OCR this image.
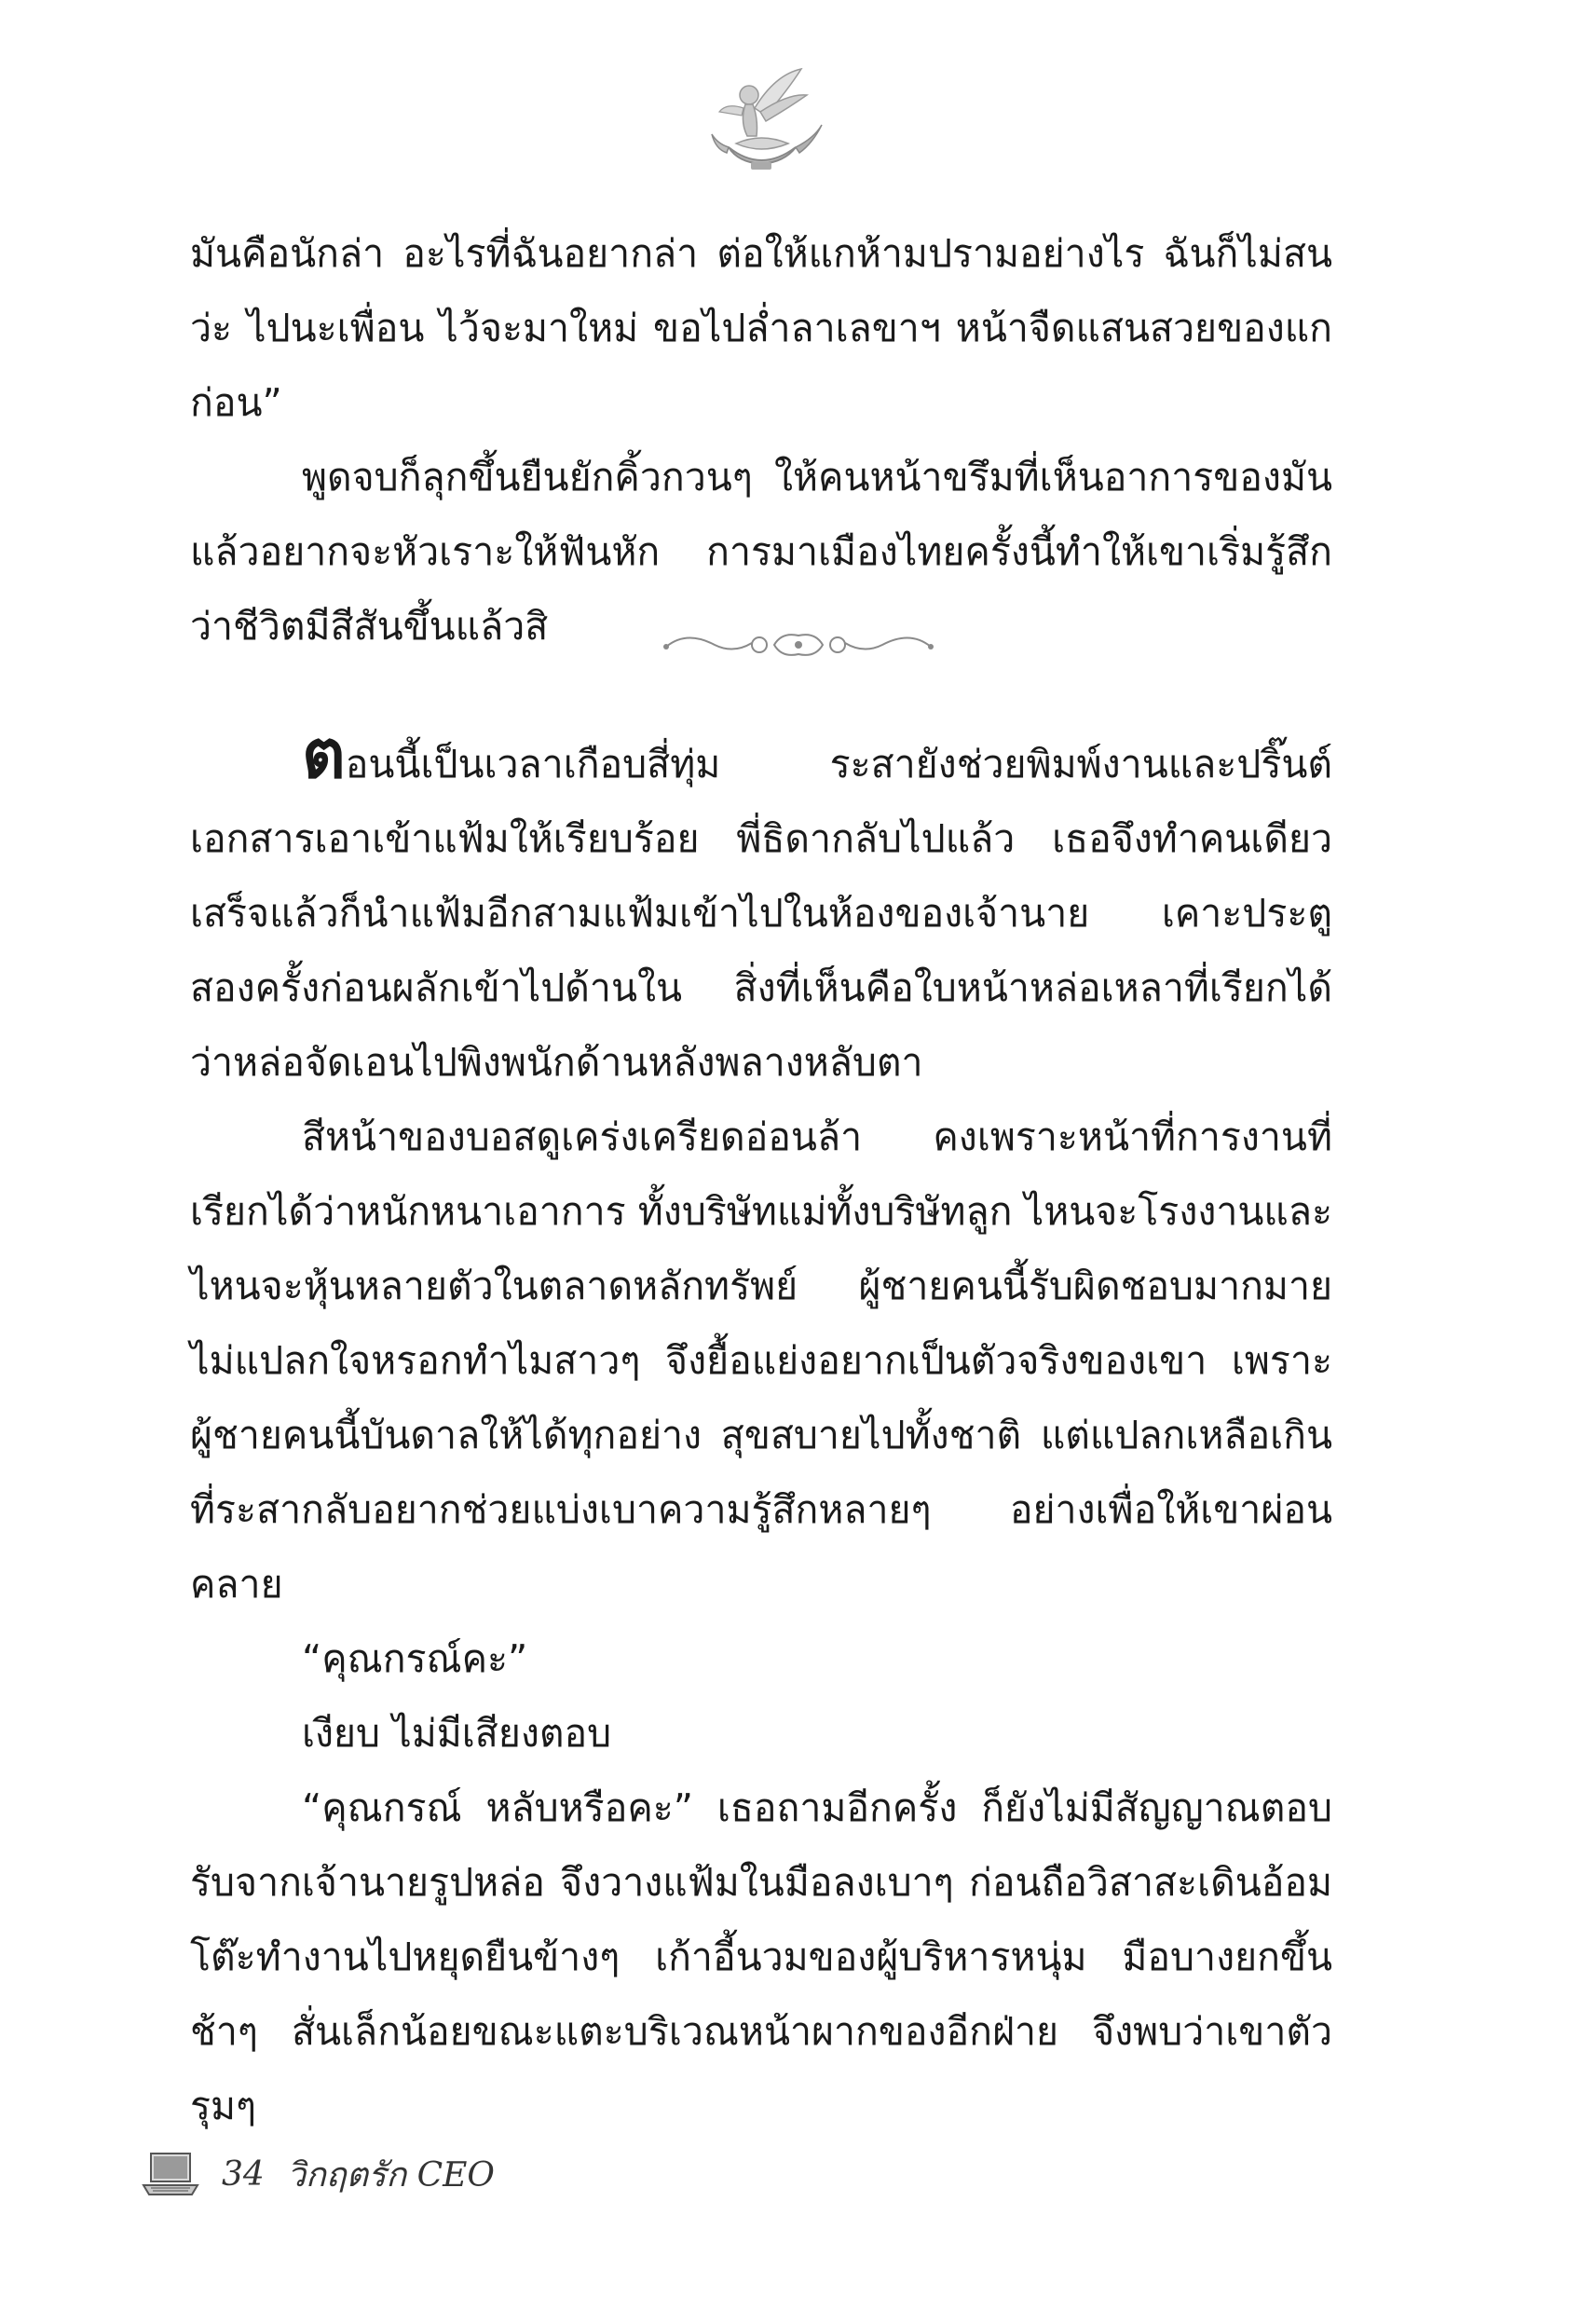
มันคือนักล่า อะไรที่ฉันอยากล่า ต่อให้แกห้ามปรามอย่างไร ฉันก็ไม่สนว่ะ ไปนะเพื่อน ไว้จะมาใหม่ ขอไปล่ำลาเลขาฯ หน้าจืดแสนสวยของแกก่อน”

พูดจบก็ลุกขึ้นยืนยักคิ้วกวนๆ ให้คนหน้าขรึมที่เห็นอาการของมันแล้วอยากจะหัวเราะให้ฟันหัก การมาเมืองไทยครั้งนี้ทำให้เขาเริ่มรู้สึกว่าชีวิตมีสีสันขึ้นแล้วสิ

ตอนนี้เป็นเวลาเกือบสี่ทุ่ม ระสายังช่วยพิมพ์งานและปริ๊นต์เอกสารเอาเข้าแฟ้มให้เรียบร้อย พี่ธิดากลับไปแล้ว เธอจึงทำคนเดียวเสร็จแล้วก็นำแฟ้มอีกสามแฟ้มเข้าไปในห้องของเจ้านาย เคาะประตูสองครั้งก่อนผลักเข้าไปด้านใน สิ่งที่เห็นคือใบหน้าหล่อเหลาที่เรียกได้ว่าหล่อจัดเอนไปพิงพนักด้านหลังพลางหลับตา

สีหน้าของบอสดูเคร่งเครียดอ่อนล้า คงเพราะหน้าที่การงานที่เรียกได้ว่าหนักหนาเอาการ ทั้งบริษัทแม่ทั้งบริษัทลูก ไหนจะโรงงานและไหนจะหุ้นหลายตัวในตลาดหลักทรัพย์ ผู้ชายคนนี้รับผิดชอบมากมาย ไม่แปลกใจหรอกทำไมสาวๆ จึงยื้อแย่งอยากเป็นตัวจริงของเขา เพราะผู้ชายคนนี้บันดาลให้ได้ทุกอย่าง สุขสบายไปทั้งชาติ แต่แปลกเหลือเกินที่ระสากลับอยากช่วยแบ่งเบาความรู้สึกหลายๆ อย่างเพื่อให้เขาผ่อนคลาย

“คุณกรณ์คะ”

เงียบ ไม่มีเสียงตอบ

“คุณกรณ์ หลับหรือคะ” เธอถามอีกครั้ง ก็ยังไม่มีสัญญาณตอบรับจากเจ้านายรูปหล่อ จึงวางแฟ้มในมือลงเบาๆ ก่อนถือวิสาสะเดินอ้อมโต๊ะทำงานไปหยุดยืนข้างๆ เก้าอี้นวมของผู้บริหารหนุ่ม มือบางยกขึ้นช้าๆ สั่นเล็กน้อยขณะแตะบริเวณหน้าผากของอีกฝ่าย จึงพบว่าเขาตัวรุมๆ

34 วิกฤตรัก CEO
